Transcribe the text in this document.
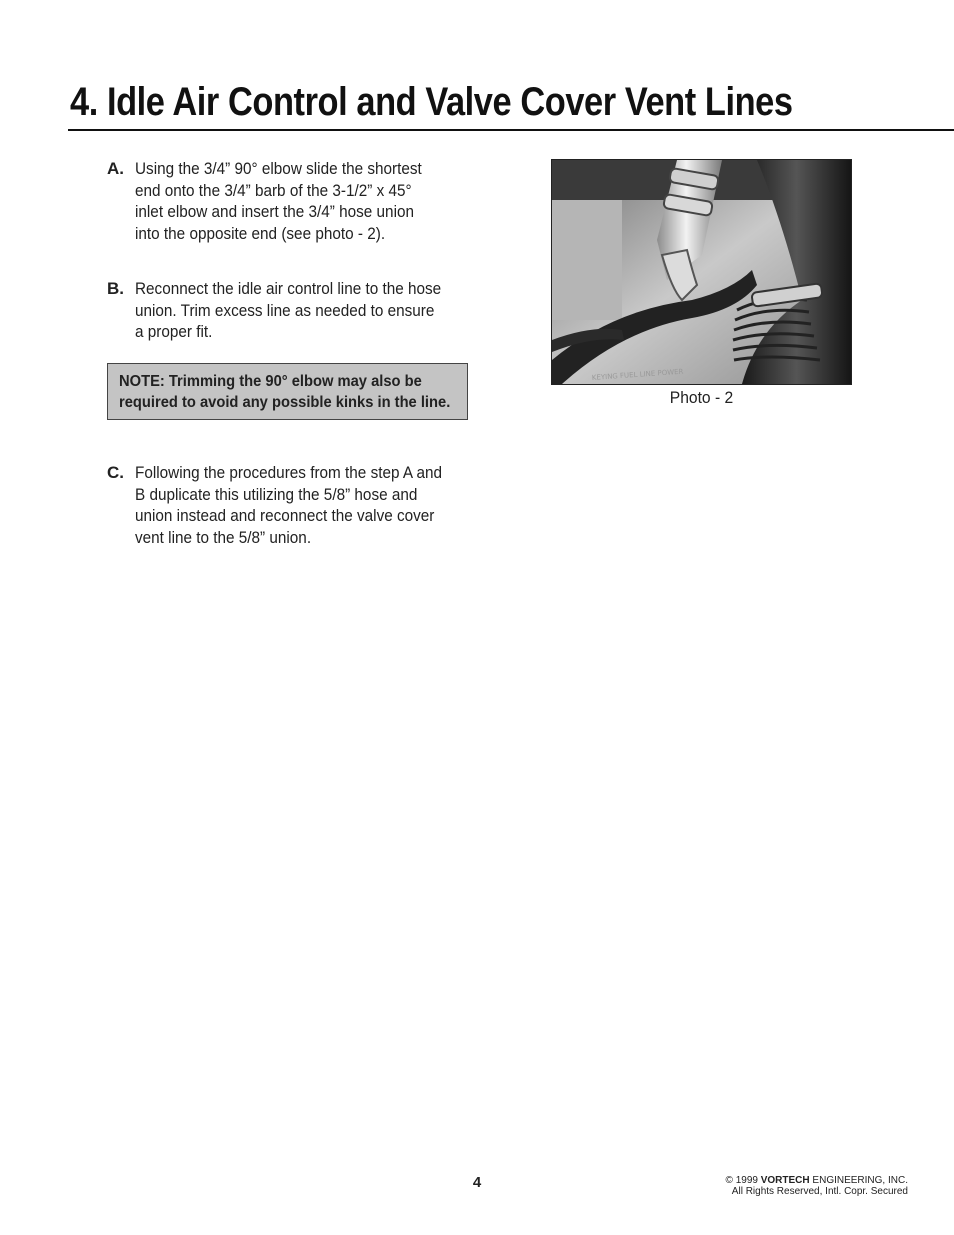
4. Idle Air Control and Valve Cover Vent Lines
A. Using the 3/4” 90° elbow slide the shortest end onto the 3/4” barb of the 3-1/2” x 45° inlet elbow and insert the 3/4” hose union into the opposite end (see photo - 2).
B. Reconnect the idle air control line to the hose union. Trim excess line as needed to ensure a proper fit.
NOTE: Trimming the 90° elbow may also be required to avoid any possible kinks in the line.
C. Following the procedures from the step A and B duplicate this utilizing the 5/8” hose and union instead and reconnect the valve cover vent line to the 5/8” union.
KEYING FUEL LINE POWER
Photo - 2
4	© 1999 VORTECH ENGINEERING, INC.
All Rights Reserved, Intl. Copr. Secured
